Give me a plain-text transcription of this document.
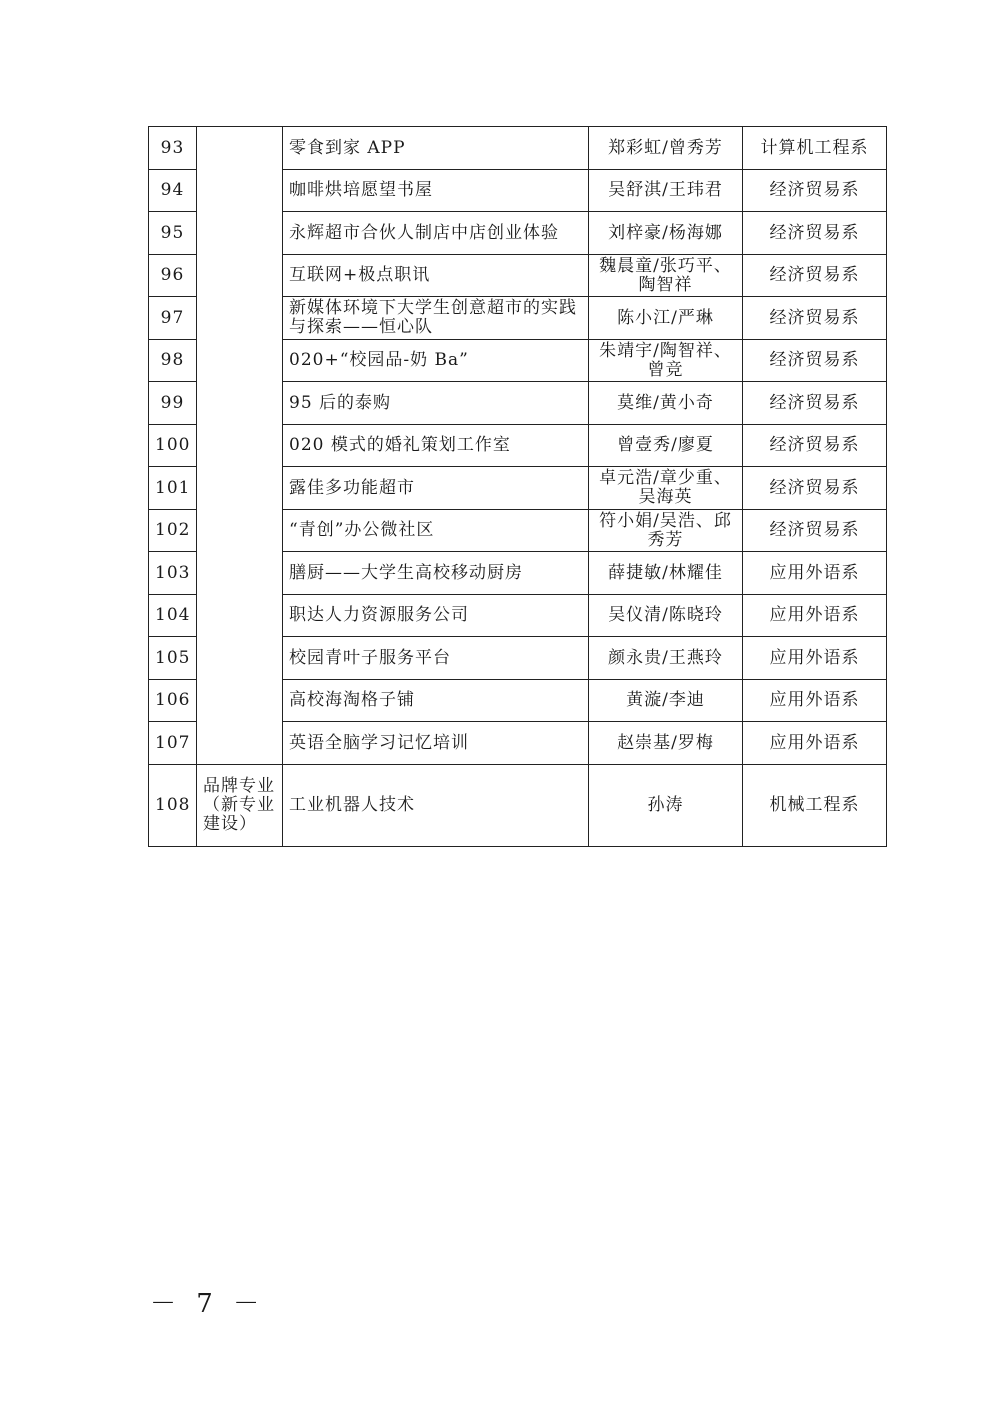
93		零食到家 APP	郑彩虹/曾秀芳	计算机工程系
94		咖啡烘培愿望书屋	吴舒淇/王玮君	经济贸易系
95		永辉超市合伙人制店中店创业体验	刘梓豪/杨海娜	经济贸易系
96		互联网+极点职讯	魏晨童/张巧平、陶智祥	经济贸易系
97		新媒体环境下大学生创意超市的实践与探索——恒心队	陈小江/严琳	经济贸易系
98		020+“校园品-奶 Ba”	朱靖宇/陶智祥、曾竞	经济贸易系
99		95 后的泰购	莫维/黄小奇	经济贸易系
100		020 模式的婚礼策划工作室	曾壹秀/廖夏	经济贸易系
101		露佳多功能超市	卓元浩/章少重、吴海英	经济贸易系
102		“青创”办公微社区	符小娟/吴浩、邱秀芳	经济贸易系
103		膳厨——大学生高校移动厨房	薛捷敏/林耀佳	应用外语系
104		职达人力资源服务公司	吴仪清/陈晓玲	应用外语系
105		校园青叶子服务平台	颜永贵/王燕玲	应用外语系
106		高校海淘格子铺	黄漩/李迪	应用外语系
107		英语全脑学习记忆培训	赵崇基/罗梅	应用外语系
108	品牌专业（新专业建设）	工业机器人技术	孙涛	机械工程系
－ 7 －
